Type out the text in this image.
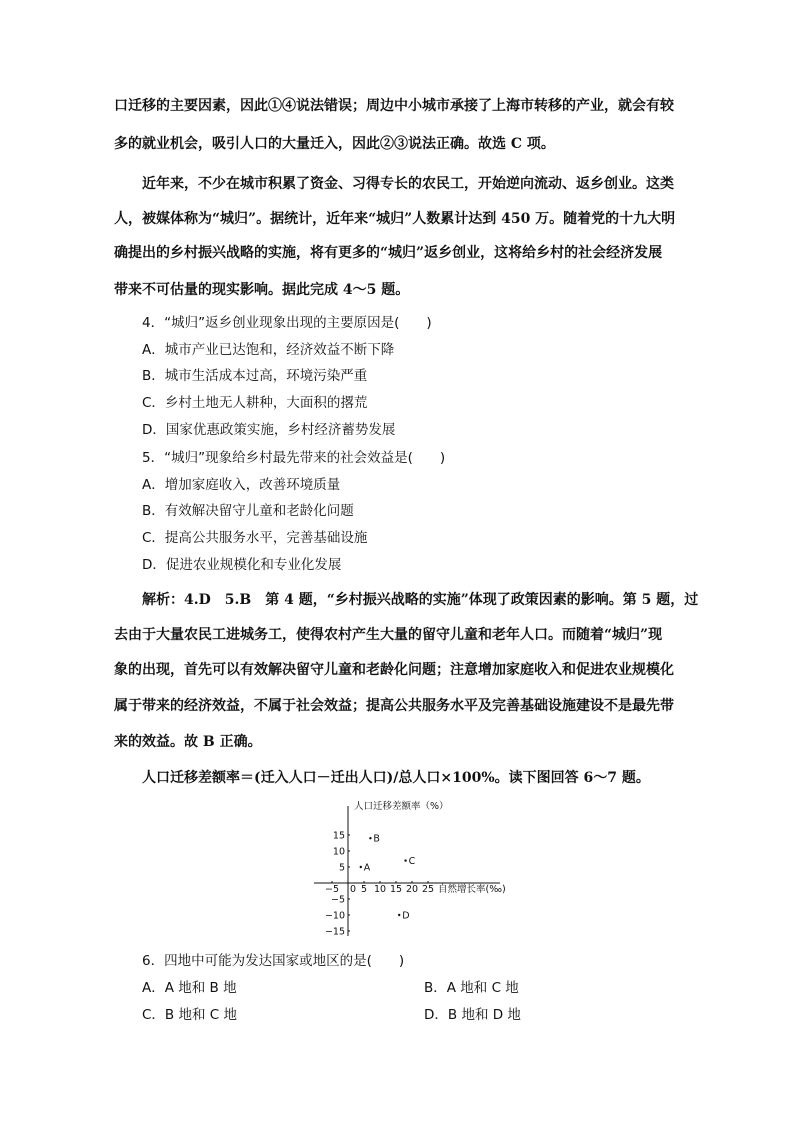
口迁移的主要因素，因此①④说法错误；周边中小城市承接了上海市转移的产业，就会有较
多的就业机会，吸引人口的大量迁入，因此②③说法正确。故选 C 项。
近年来，不少在城市积累了资金、习得专长的农民工，开始逆向流动、返乡创业。这类
人，被媒体称为“城归”。据统计，近年来“城归”人数累计达到 450 万。随着党的十九大明
确提出的乡村振兴战略的实施，将有更多的“城归”返乡创业，这将给乡村的社会经济发展
带来不可估量的现实影响。据此完成 4～5 题。
4．“城归”返乡创业现象出现的主要原因是(　　)
A．城市产业已达饱和，经济效益不断下降
B．城市生活成本过高，环境污染严重
C．乡村土地无人耕种，大面积的撂荒
D．国家优惠政策实施，乡村经济蓄势发展
5．“城归”现象给乡村最先带来的社会效益是(　　)
A．增加家庭收入，改善环境质量
B．有效解决留守儿童和老龄化问题
C．提高公共服务水平，完善基础设施
D．促进农业规模化和专业化发展
解析：4.D　5.B　第 4 题，“乡村振兴战略的实施”体现了政策因素的影响。第 5 题，过
去由于大量农民工进城务工，使得农村产生大量的留守儿童和老年人口。而随着“城归”现
象的出现，首先可以有效解决留守儿童和老龄化问题；注意增加家庭收入和促进农业规模化
属于带来的经济效益，不属于社会效益；提高公共服务水平及完善基础设施建设不是最先带
来的效益。故 B 正确。
人口迁移差额率＝(迁入人口－迁出人口)/总人口×100%。读下图回答 6～7 题。
人口迁移差额率（%）
自然增长率(‰)
−5 0 5 10 15 20 25
15
10
5
−5
−10
−15
A
B
C
D
6．四地中可能为发达国家或地区的是(　　)
A．A 地和 B 地	B．A 地和 C 地
C．B 地和 C 地	D．B 地和 D 地
